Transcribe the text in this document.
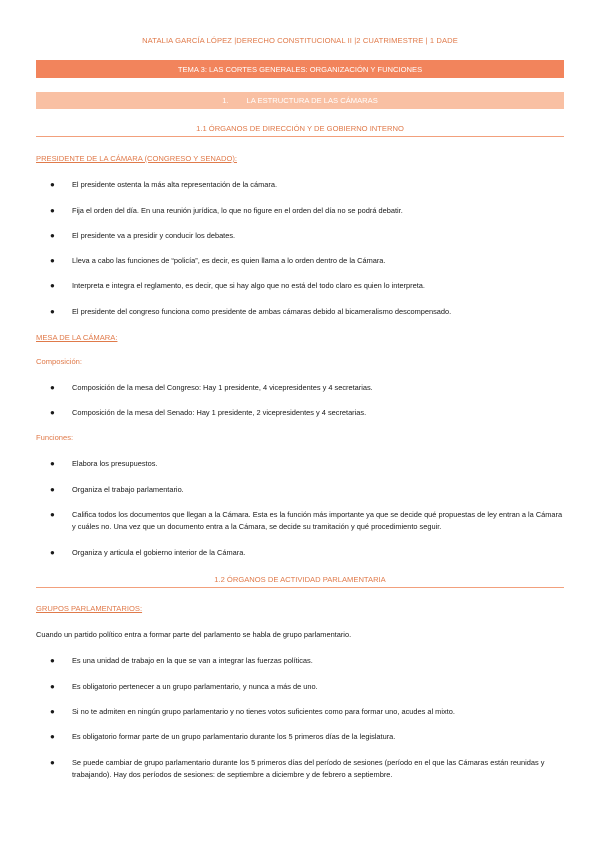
NATALIA GARCÍA LÓPEZ |DERECHO CONSTITUCIONAL II |2 CUATRIMESTRE | 1 DADE
TEMA 3: LAS CORTES GENERALES: ORGANIZACIÓN Y FUNCIONES
1. LA ESTRUCTURA DE LAS CÁMARAS
1.1 ÓRGANOS DE DIRECCIÓN Y DE GOBIERNO INTERNO
PRESIDENTE DE LA CÁMARA (CONGRESO Y SENADO):
● El presidente ostenta la más alta representación de la cámara.
● Fija el orden del día. En una reunión jurídica, lo que no figure en el orden del día no se podrá debatir.
● El presidente va a presidir y conducir los debates.
● Lleva a cabo las funciones de “policía”, es decir, es quien llama a lo orden dentro de la Cámara.
● Interpreta e integra el reglamento, es decir, que si hay algo que no está del todo claro es quien lo interpreta.
● El presidente del congreso funciona como presidente de ambas cámaras debido al bicameralismo descompensado.
MESA DE LA CÁMARA:
Composición:
● Composición de la mesa del Congreso: Hay 1 presidente, 4 vicepresidentes y 4 secretarias.
● Composición de la mesa del Senado: Hay 1 presidente, 2 vicepresidentes y 4 secretarias.
Funciones:
● Elabora los presupuestos.
● Organiza el trabajo parlamentario.
● Califica todos los documentos que llegan a la Cámara. Esta es la función más importante ya que se decide qué propuestas de ley entran a la Cámara y cuáles no. Una vez que un documento entra a la Cámara, se decide su tramitación y qué procedimiento seguir.
● Organiza y articula el gobierno interior de la Cámara.
1.2 ÓRGANOS DE ACTIVIDAD PARLAMENTARIA
GRUPOS PARLAMENTARIOS:
Cuando un partido político entra a formar parte del parlamento se habla de grupo parlamentario.
● Es una unidad de trabajo en la que se van a integrar las fuerzas políticas.
● Es obligatorio pertenecer a un grupo parlamentario, y nunca a más de uno.
● Si no te admiten en ningún grupo parlamentario y no tienes votos suficientes como para formar uno, acudes al mixto.
● Es obligatorio formar parte de un grupo parlamentario durante los 5 primeros días de la legislatura.
● Se puede cambiar de grupo parlamentario durante los 5 primeros días del período de sesiones (período en el que las Cámaras están reunidas y trabajando). Hay dos períodos de sesiones: de septiembre a diciembre y de febrero a septiembre.
